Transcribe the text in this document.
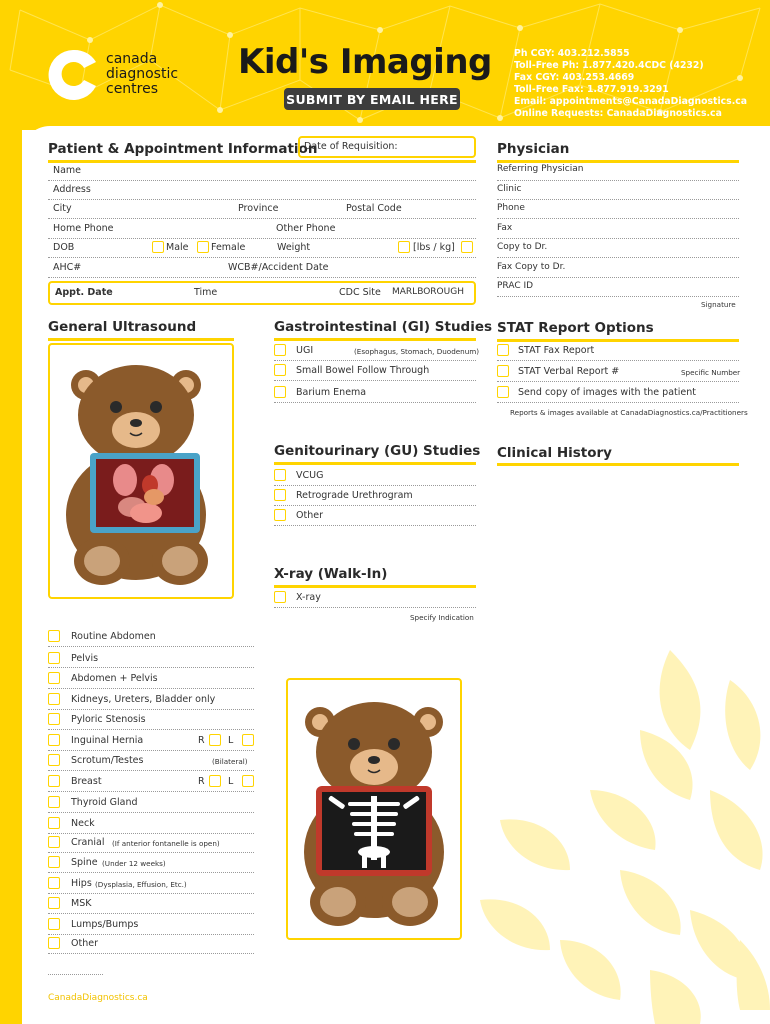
canada
diagnostic
centres
Kid's Imaging
SUBMIT BY EMAIL HERE
Ph CGY: 403.212.5855
Toll-Free Ph: 1.877.420.4CDC (4232)
Fax CGY: 403.253.4669
Toll-Free Fax: 1.877.919.3291
Email: appointments@CanadaDiagnostics.ca
Online Requests: CanadaDiagnostics.ca
Patient & Appointment Information
Date of Requisition:
Name
Address
City	Province	Postal Code
Home Phone	Other Phone
DOB	Male Female	Weight	[lbs / kg]
AHC#	WCB#/Accident Date
Appt. Date	Time	CDC Site MARLBOROUGH
Physician
Referring Physician
Clinic
Phone
Fax
Copy to Dr.
Fax Copy to Dr.
PRAC ID
Signature
General Ultrasound
Routine Abdomen
Pelvis
Abdomen + Pelvis
Kidneys, Ureters, Bladder only
Pyloric Stenosis
Inguinal Hernia	R L
Scrotum/Testes	(Bilateral)
Breast	R L
Thyroid Gland
Neck
Cranial (If anterior fontanelle is open)
Spine (Under 12 weeks)
Hips (Dysplasia, Effusion, Etc.)
MSK
Lumps/Bumps
Other
Gastrointestinal (GI) Studies
UGI	(Esophagus, Stomach, Duodenum)
Small Bowel Follow Through
Barium Enema
Genitourinary (GU) Studies
VCUG
Retrograde Urethrogram
Other
X-ray (Walk-In)
X-ray
Specify Indication
STAT Report Options
STAT Fax Report
STAT Verbal Report #	Specific Number
Send copy of images with the patient
Reports & images available at CanadaDiagnostics.ca/Practitioners
Clinical History
CanadaDiagnostics.ca
